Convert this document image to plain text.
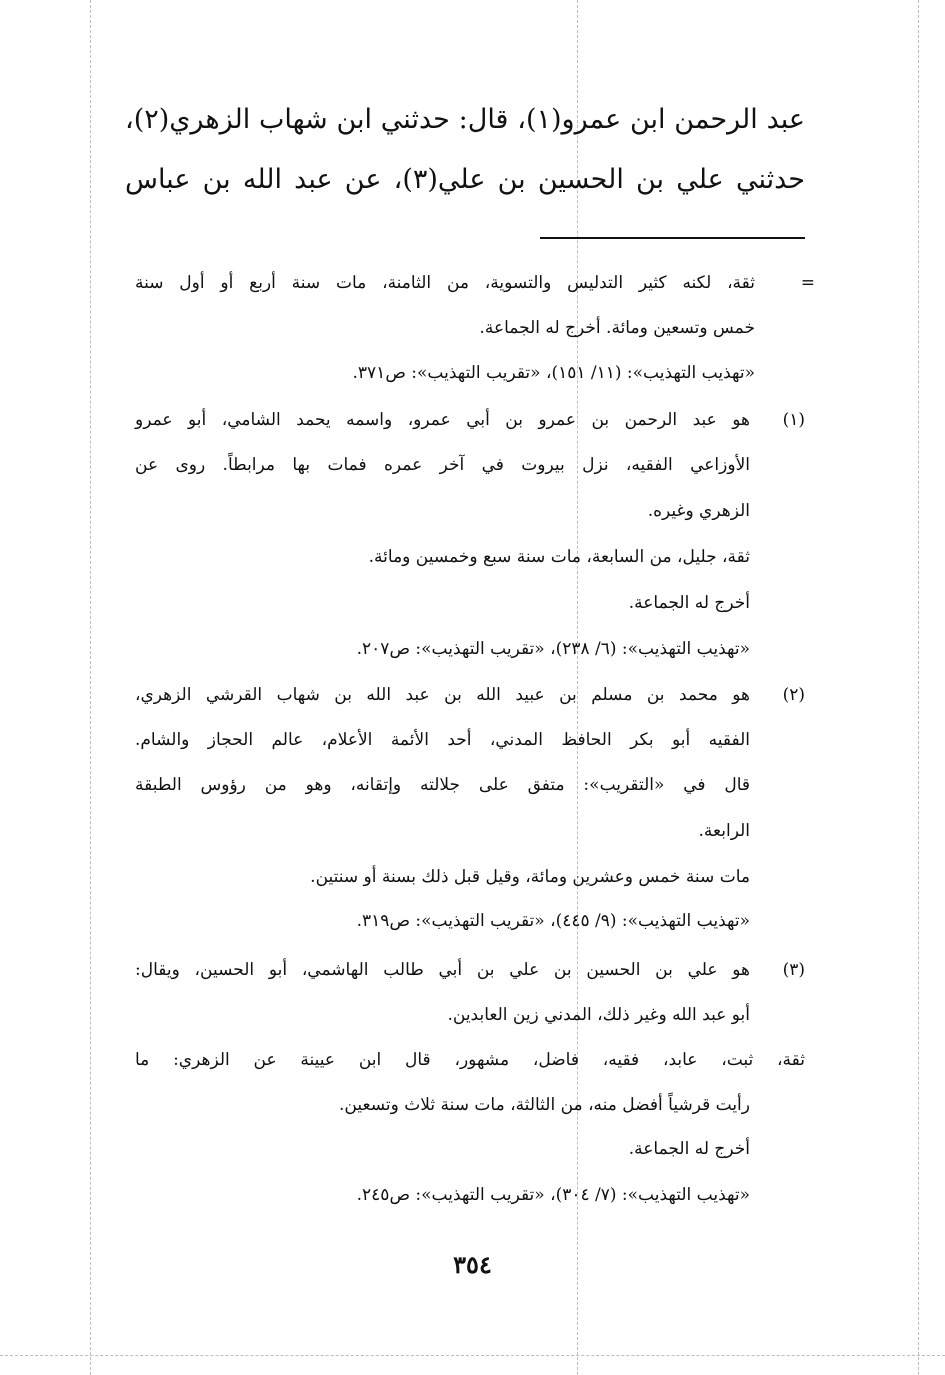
عبد الرحمن ابن عمرو(١)، قال: حدثني ابن شهاب الزهري(٢)،
حدثني علي بن الحسين بن علي(٣)، عن عبد الله بن عباس
=
ثقة، لكنه كثير التدليس والتسوية، من الثامنة، مات سنة أربع أو أول سنة
خمس وتسعين ومائة. أخرج له الجماعة.
«تهذيب التهذيب»: (١١/ ١٥١)، «تقريب التهذيب»: ص٣٧١.
(١)
هو عبد الرحمن بن عمرو بن أبي عمرو، واسمه يحمد الشامي، أبو عمرو
الأوزاعي الفقيه، نزل بيروت في آخر عمره فمات بها مرابطاً. روى عن
الزهري وغيره.
ثقة، جليل، من السابعة، مات سنة سبع وخمسين ومائة.
أخرج له الجماعة.
«تهذيب التهذيب»: (٦/ ٢٣٨)، «تقريب التهذيب»: ص٢٠٧.
(٢)
هو محمد بن مسلم بن عبيد الله بن عبد الله بن شهاب القرشي الزهري،
الفقيه أبو بكر الحافظ المدني، أحد الأئمة الأعلام، عالم الحجاز والشام.
قال في «التقريب»: متفق على جلالته وإتقانه، وهو من رؤوس الطبقة
الرابعة.
مات سنة خمس وعشرين ومائة، وقيل قبل ذلك بسنة أو سنتين.
«تهذيب التهذيب»: (٩/ ٤٤٥)، «تقريب التهذيب»: ص٣١٩.
(٣)
هو علي بن الحسين بن علي بن أبي طالب الهاشمي، أبو الحسين، ويقال:
أبو عبد الله وغير ذلك، المدني زين العابدين.
ثقة، ثبت، عابد، فقيه، فاضل، مشهور، قال ابن عيينة عن الزهري: ما
رأيت قرشياً أفضل منه، من الثالثة، مات سنة ثلاث وتسعين.
أخرج له الجماعة.
«تهذيب التهذيب»: (٧/ ٣٠٤)، «تقريب التهذيب»: ص٢٤٥.
٣٥٤
